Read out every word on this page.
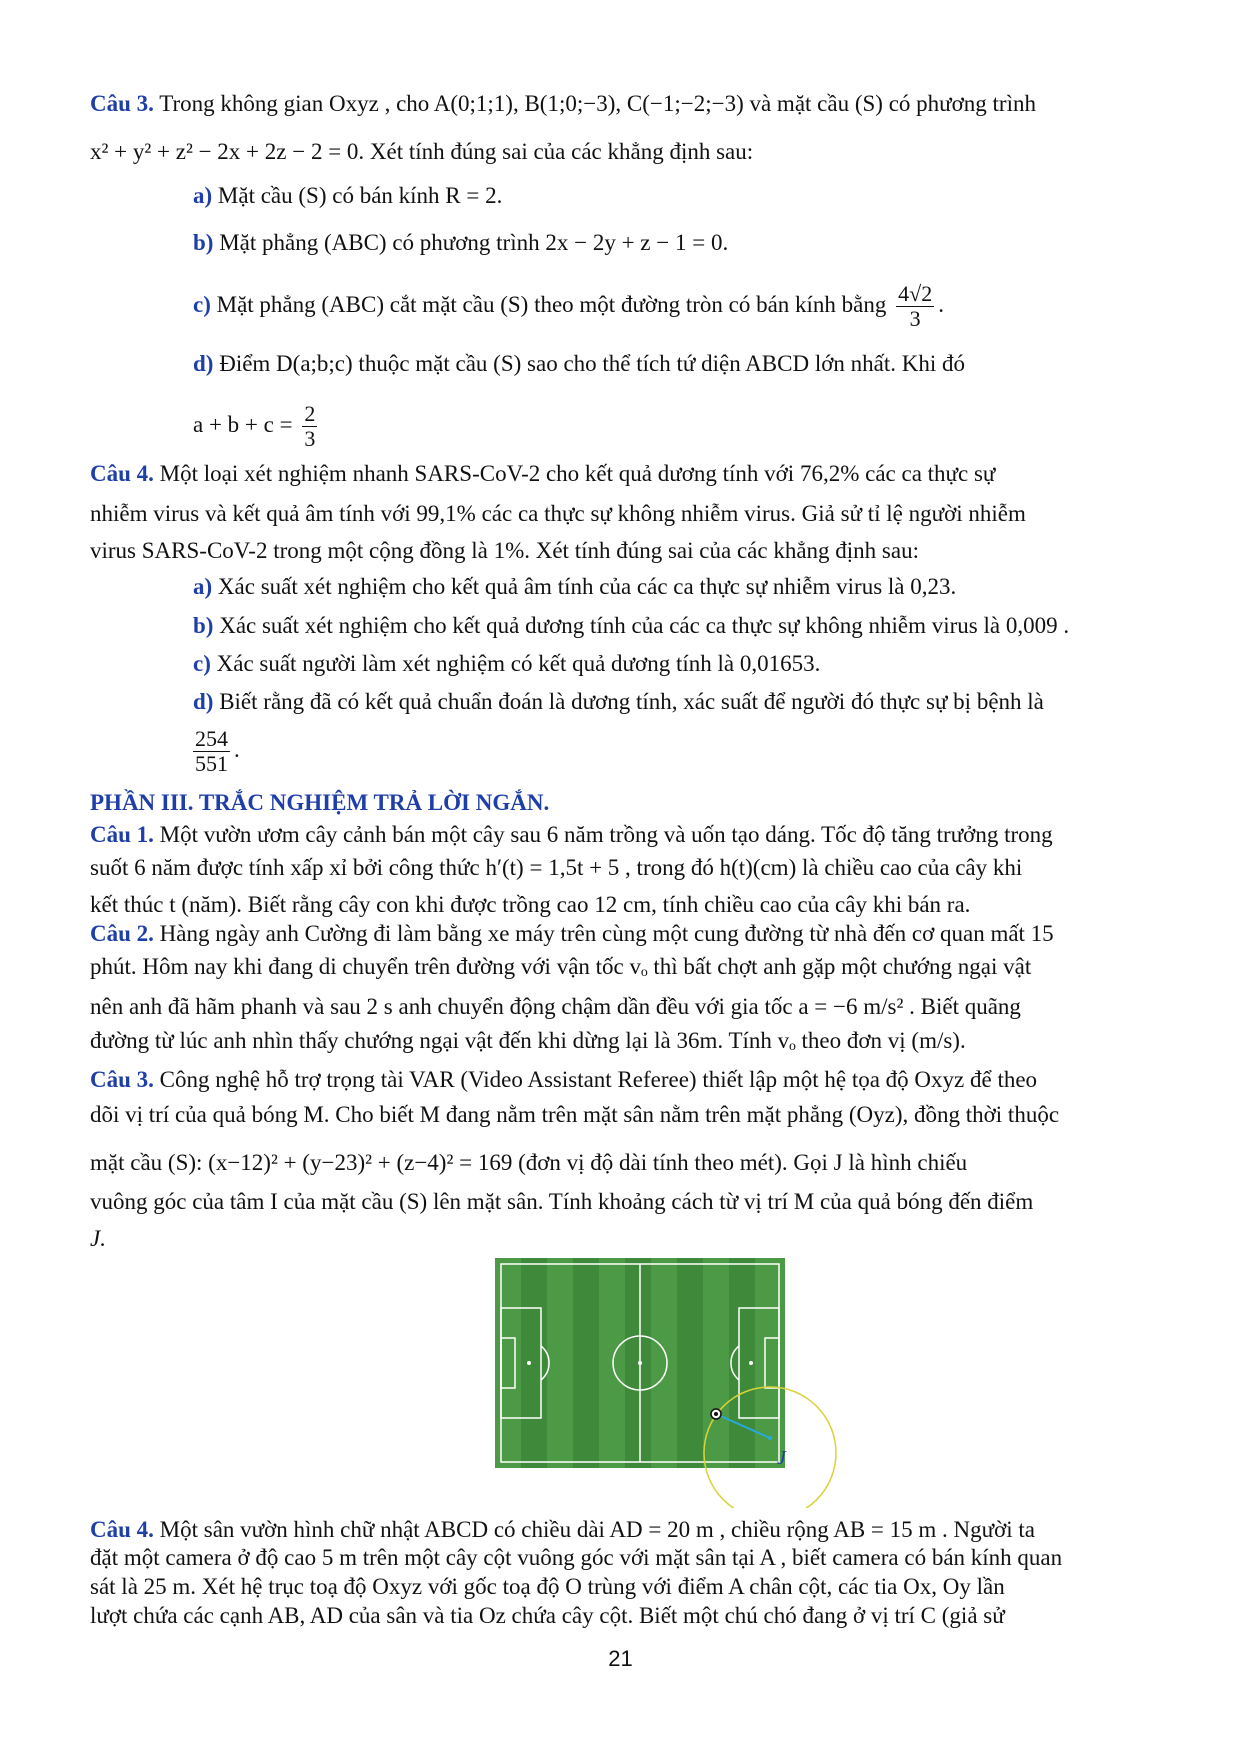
Câu 3. Trong không gian Oxyz , cho A(0;1;1), B(1;0;−3), C(−1;−2;−3) và mặt cầu (S) có phương trình
x² + y² + z² − 2x + 2z − 2 = 0. Xét tính đúng sai của các khẳng định sau:
a) Mặt cầu (S) có bán kính R = 2.
b) Mặt phẳng (ABC) có phương trình 2x − 2y + z − 1 = 0.
c) Mặt phẳng (ABC) cắt mặt cầu (S) theo một đường tròn có bán kính bằng $\frac{4√2}{3}$ .
d) Điểm D(a;b;c) thuộc mặt cầu (S) sao cho thể tích tứ diện ABCD lớn nhất. Khi đó
$a + b + c = \frac{2}{3}$
Câu 4. Một loại xét nghiệm nhanh SARS-CoV-2 cho kết quả dương tính với 76,2% các ca thực sự
nhiễm virus và kết quả âm tính với 99,1% các ca thực sự không nhiễm virus. Giả sử tỉ lệ người nhiễm
virus SARS-CoV-2 trong một cộng đồng là 1%. Xét tính đúng sai của các khẳng định sau:
a) Xác suất xét nghiệm cho kết quả âm tính của các ca thực sự nhiễm virus là 0,23.
b) Xác suất xét nghiệm cho kết quả dương tính của các ca thực sự không nhiễm virus là 0,009 .
c) Xác suất người làm xét nghiệm có kết quả dương tính là 0,01653.
d) Biết rằng đã có kết quả chuẩn đoán là dương tính, xác suất để người đó thực sự bị bệnh là
$\frac{254}{551}$ .
PHẦN III. TRẮC NGHIỆM TRẢ LỜI NGẮN.
Câu 1. Một vườn ươm cây cảnh bán một cây sau 6 năm trồng và uốn tạo dáng. Tốc độ tăng trưởng trong
suốt 6 năm được tính xấp xỉ bởi công thức h′(t) = 1,5t + 5 , trong đó h(t)(cm) là chiều cao của cây khi
kết thúc t (năm). Biết rằng cây con khi được trồng cao 12 cm, tính chiều cao của cây khi bán ra.
Câu 2. Hàng ngày anh Cường đi làm bằng xe máy trên cùng một cung đường từ nhà đến cơ quan mất 15
phút. Hôm nay khi đang di chuyển trên đường với vận tốc vₒ thì bất chợt anh gặp một chướng ngại vật
nên anh đã hãm phanh và sau 2 s anh chuyển động chậm dần đều với gia tốc a = −6 m/s² . Biết quãng
đường từ lúc anh nhìn thấy chướng ngại vật đến khi dừng lại là 36m. Tính vₒ theo đơn vị (m/s).
Câu 3. Công nghệ hỗ trợ trọng tài VAR (Video Assistant Referee) thiết lập một hệ tọa độ Oxyz để theo
dõi vị trí của quả bóng M. Cho biết M đang nằm trên mặt sân nằm trên mặt phẳng (Oyz), đồng thời thuộc
mặt cầu (S): (x−12)² + (y−23)² + (z−4)² = 169 (đơn vị độ dài tính theo mét). Gọi J là hình chiếu
vuông góc của tâm I của mặt cầu (S) lên mặt sân. Tính khoảng cách từ vị trí M của quả bóng đến điểm
J.
J
Câu 4. Một sân vườn hình chữ nhật ABCD có chiều dài AD = 20 m , chiều rộng AB = 15 m . Người ta
đặt một camera ở độ cao 5 m trên một cây cột vuông góc với mặt sân tại A , biết camera có bán kính quan
sát là 25 m. Xét hệ trục toạ độ Oxyz với gốc toạ độ O trùng với điểm A chân cột, các tia Ox, Oy lần
lượt chứa các cạnh AB, AD của sân và tia Oz chứa cây cột. Biết một chú chó đang ở vị trí C (giả sử
21
